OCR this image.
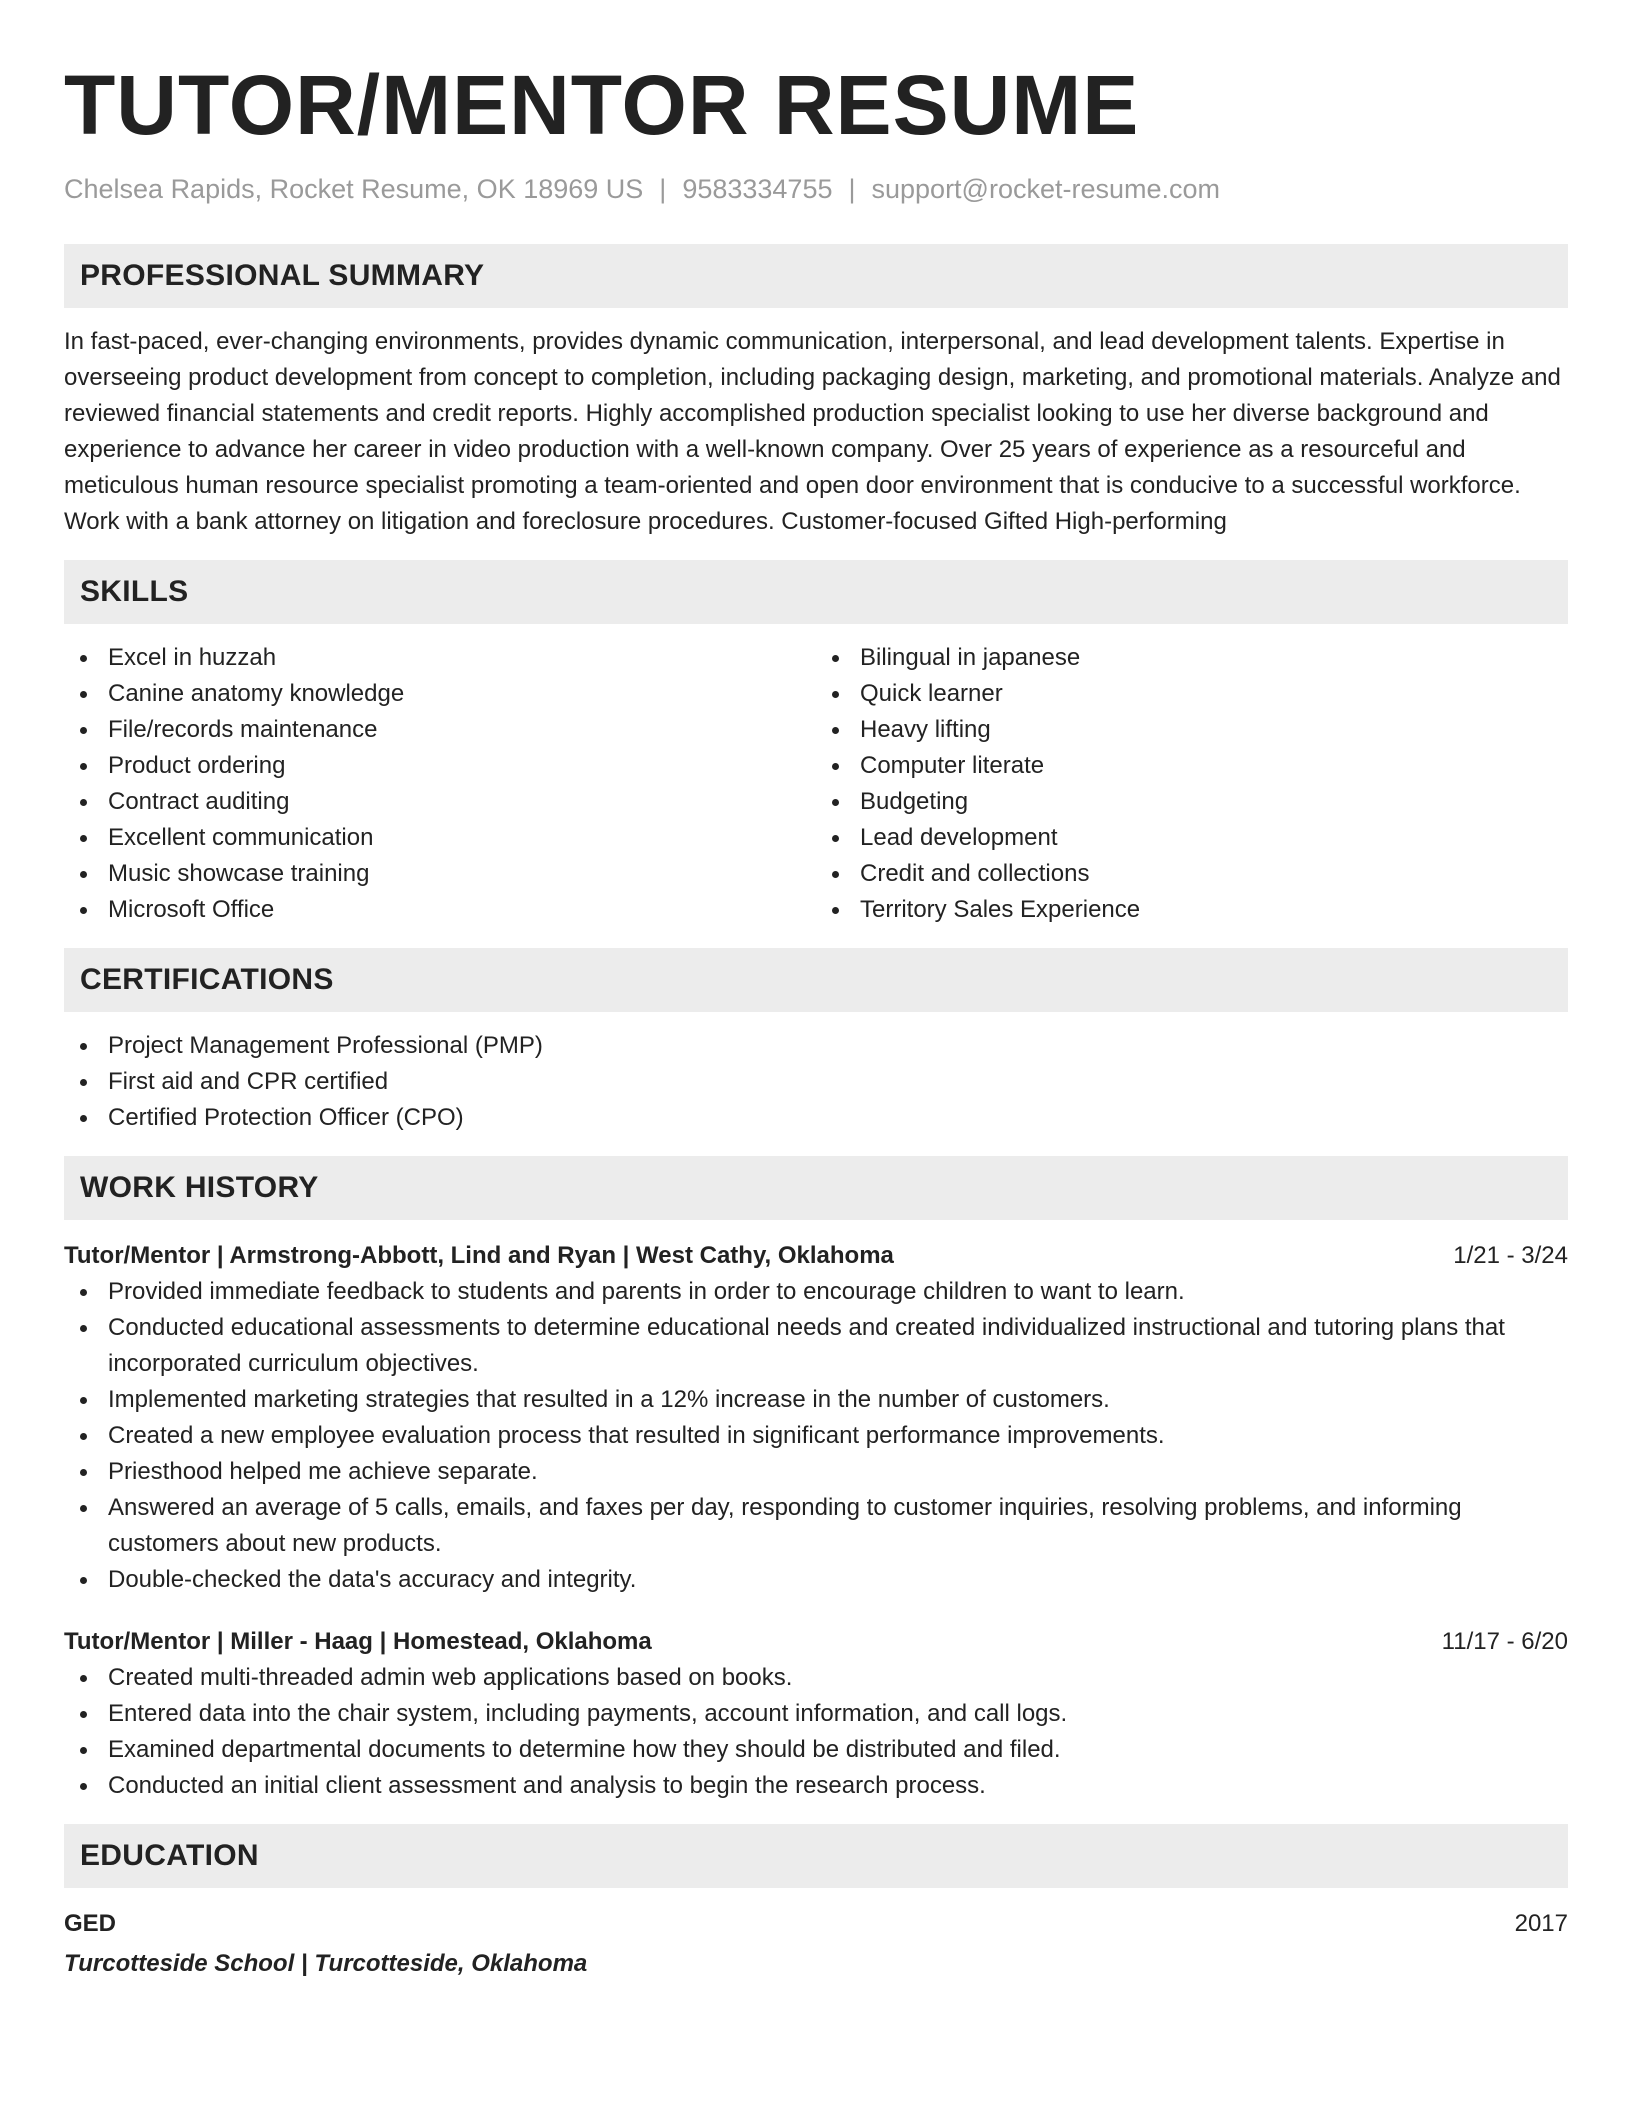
TUTOR/MENTOR RESUME
Chelsea Rapids, Rocket Resume, OK 18969 US | 9583334755 | support@rocket-resume.com
PROFESSIONAL SUMMARY

In fast-paced, ever-changing environments, provides dynamic communication, interpersonal, and lead development talents. Expertise in overseeing product development from concept to completion, including packaging design, marketing, and promotional materials. Analyze and reviewed financial statements and credit reports. Highly accomplished production specialist looking to use her diverse background and experience to advance her career in video production with a well-known company. Over 25 years of experience as a resourceful and meticulous human resource specialist promoting a team-oriented and open door environment that is conducive to a successful workforce. Work with a bank attorney on litigation and foreclosure procedures. Customer-focused Gifted High-performing

SKILLS
Excel in huzzah
Canine anatomy knowledge
File/records maintenance
Product ordering
Contract auditing
Excellent communication
Music showcase training
Microsoft Office
Bilingual in japanese
Quick learner
Heavy lifting
Computer literate
Budgeting
Lead development
Credit and collections
Territory Sales Experience
CERTIFICATIONS
Project Management Professional (PMP)
First aid and CPR certified
Certified Protection Officer (CPO)
WORK HISTORY
Tutor/Mentor | Armstrong-Abbott, Lind and Ryan | West Cathy, Oklahoma	1/21 - 3/24
Provided immediate feedback to students and parents in order to encourage children to want to learn.
Conducted educational assessments to determine educational needs and created individualized instructional and tutoring plans that incorporated curriculum objectives.
Implemented marketing strategies that resulted in a 12% increase in the number of customers.
Created a new employee evaluation process that resulted in significant performance improvements.
Priesthood helped me achieve separate.
Answered an average of 5 calls, emails, and faxes per day, responding to customer inquiries, resolving problems, and informing customers about new products.
Double-checked the data's accuracy and integrity.
Tutor/Mentor | Miller - Haag | Homestead, Oklahoma	11/17 - 6/20
Created multi-threaded admin web applications based on books.
Entered data into the chair system, including payments, account information, and call logs.
Examined departmental documents to determine how they should be distributed and filed.
Conducted an initial client assessment and analysis to begin the research process.
EDUCATION
GED	2017
Turcotteside School | Turcotteside, Oklahoma
